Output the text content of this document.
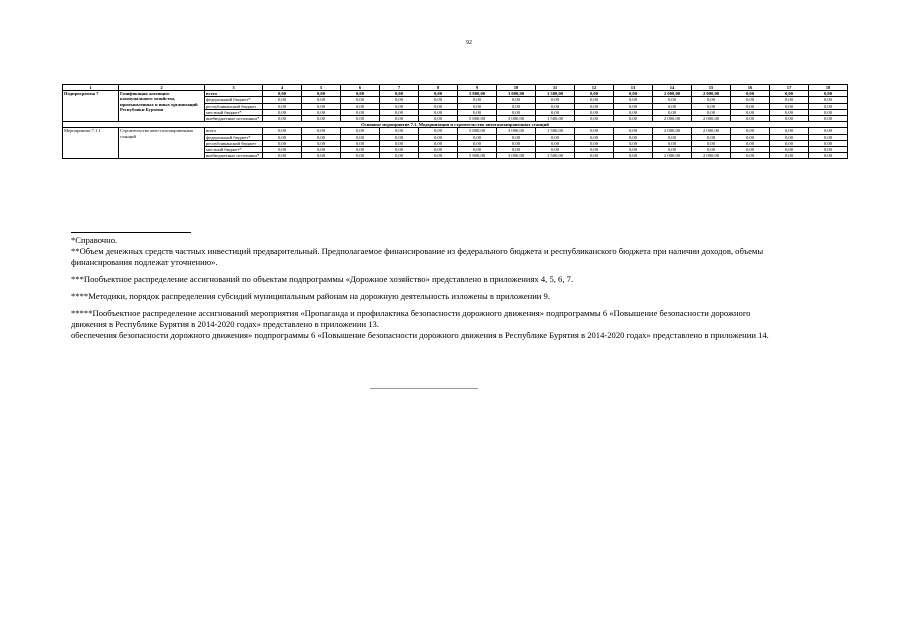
92
1	2	3	4	5	6	7	8	9	10	11	12	13	14	15	16	17	18
Подпрограмма 7	Газификация жилищно-коммунального хозяйства, промышленных и иных организаций Республики Бурятия	всего	0,00	0,00	0,00	0,00	0,00	5 800,00	3 000,00	1 500,00	0,00	0,00	2 000,00	2 000,00	0,00	0,00	0,00
		федеральный бюджет*	0,00	0,00	0,00	0,00	0,00	0,00	0,00	0,00	0,00	0,00	0,00	0,00	0,00	0,00	0,00
		республиканский бюджет	0,00	0,00	0,00	0,00	0,00	0,00	0,00	0,00	0,00	0,00	0,00	0,00	0,00	0,00	0,00
		местный бюджет*	0,00	0,00	0,00	0,00	0,00	0,00	0,00	0,00	0,00	0,00	0,00	0,00	0,00	0,00	0,00
		внебюджетные источники*	0,00	0,00	0,00	0,00	0,00	5 800,00	3 000,00	1 500,00	0,00	0,00	2 000,00	2 000,00	0,00	0,00	0,00
Основное мероприятие 7.1. Модернизация и строительство автогазозаправочных станций																	
Мероприятие 7.1.1	Строительство авто-газозаправочных станций	всего	0,00	0,00	0,00	0,00	0,00	5 800,00	3 000,00	1 500,00	0,00	0,00	2 000,00	2 000,00	0,00	0,00	0,00
		федеральный бюджет*	0,00	0,00	0,00	0,00	0,00	0,00	0,00	0,00	0,00	0,00	0,00	0,00	0,00	0,00	0,00
		республиканский бюджет	0,00	0,00	0,00	0,00	0,00	0,00	0,00	0,00	0,00	0,00	0,00	0,00	0,00	0,00	0,00
		местный бюджет*	0,00	0,00	0,00	0,00	0,00	0,00	0,00	0,00	0,00	0,00	0,00	0,00	0,00	0,00	0,00
		внебюджетные источники*	0,00	0,00	0,00	0,00	0,00	5 800,00	3 000,00	1 500,00	0,00	0,00	2 000,00	2 000,00	0,00	0,00	0,00

*Справочно.

**Объем денежных средств частных инвестиций предварительный. Предполагаемое финансирование из федерального бюджета и республиканского бюджета при наличии доходов, объемы финансирования подлежат уточнению».

***Пообъектное распределение ассигнований по объектам подпрограммы «Дорожное хозяйство» представлено в приложениях 4, 5, 6, 7.

****Методики, порядок распределения субсидий муниципальным районам на дорожную деятельность изложены в приложении 9.

*****Пообъектное распределение ассигнований мероприятия «Пропаганда и профилактика безопасности дорожного движения» подпрограммы 6 «Повышение безопасности дорожного движения в Республике Бурятия в 2014-2020 годах» представлено в приложении 13.

обеспечения безопасности дорожного движения» подпрограммы 6 «Повышение безопасности дорожного движения в Республике Бурятия в 2014-2020 годах» представлено в приложении 14.
